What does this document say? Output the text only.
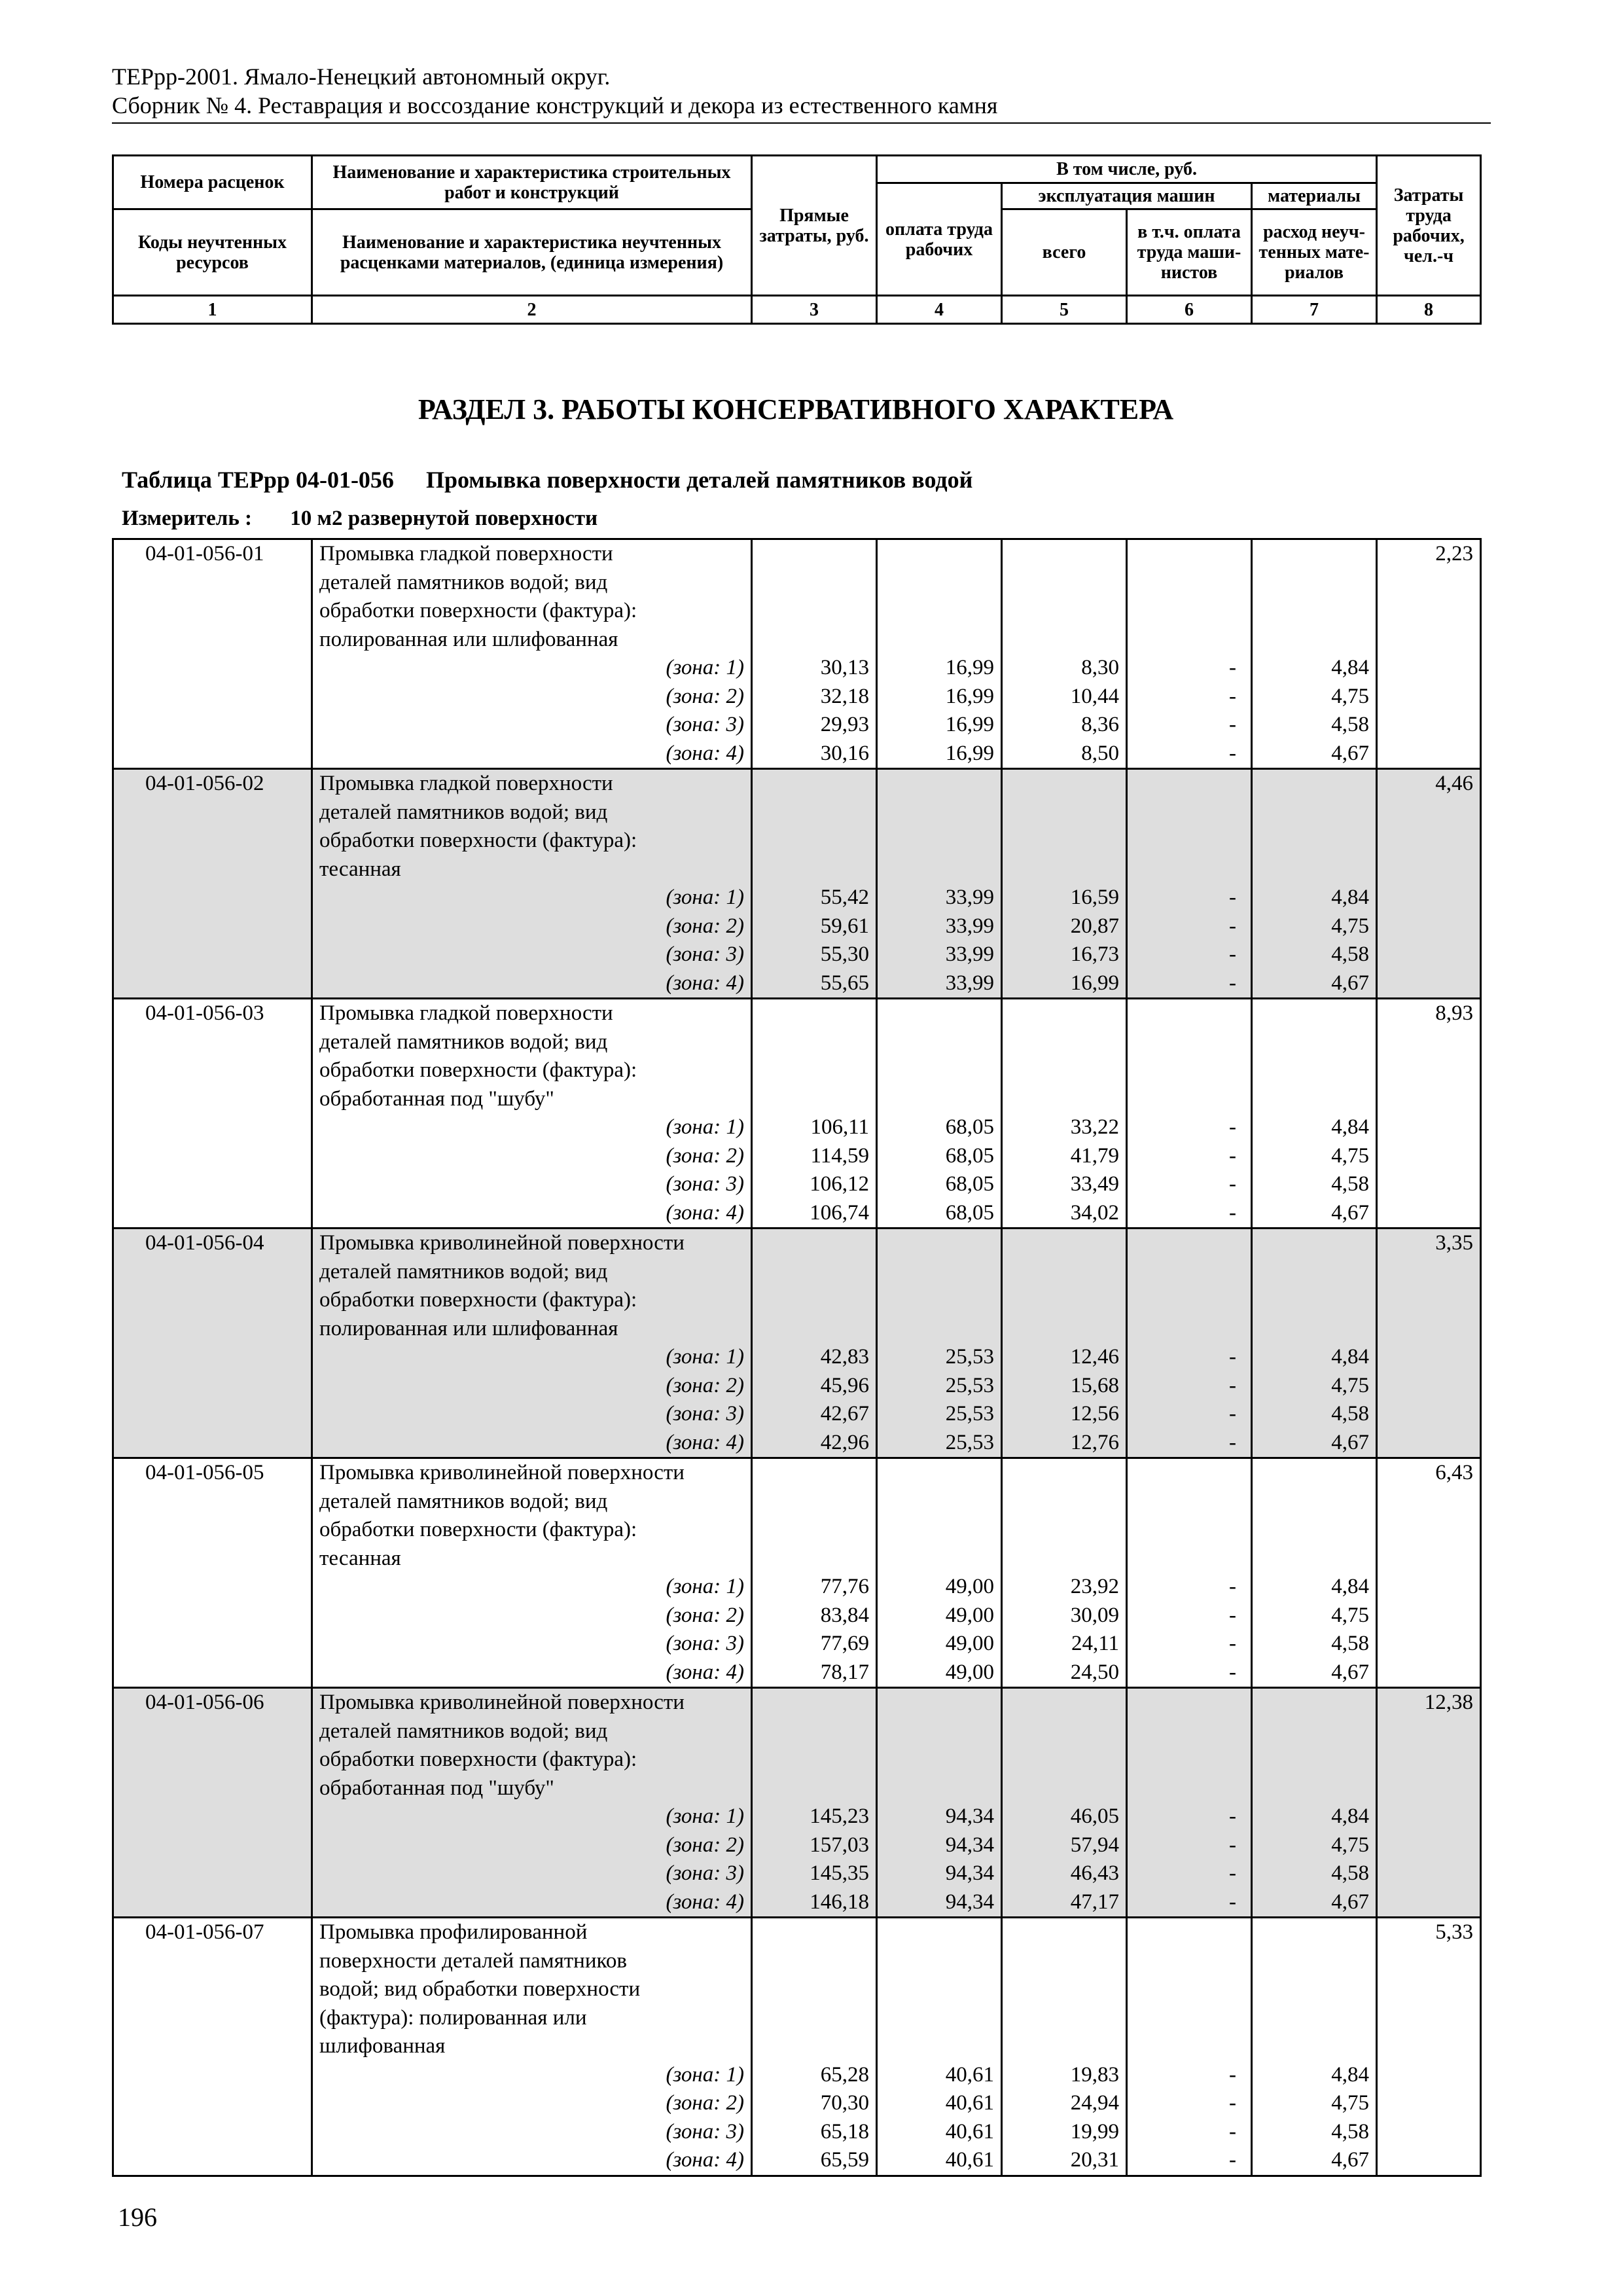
ТЕРрр-2001. Ямало-Ненецкий автономный округ.
Сборник № 4. Реставрация и воссоздание конструкций и декора из естественного камня
Номера расценок	Наименование и характеристика строительных работ и конструкций	Прямые затраты, руб.	В том числе, руб.				Затраты труда рабочих, чел.-ч
			оплата труда рабочих	эксплуатация машин		материалы	
Коды неучтенных ресурсов	Наименование и характеристика неучтенных расценками материалов, (единица измерения)			всего	в т.ч. оплата труда маши-нистов	расход неуч-тенных мате-риалов	

1	2	3	4	5	6	7	8
РАЗДЕЛ 3. РАБОТЫ КОНСЕРВАТИВНОГО ХАРАКТЕРА
Таблица ТЕРрр 04-01-056 Промывка поверхности деталей памятников водой
Измеритель : 10 м2 развернутой поверхности
04-01-056-01	Промывка гладкой поверхности						2,23
	деталей памятников водой; вид						
	обработки поверхности (фактура):						
	полированная или шлифованная						
	(зона: 1)	30,13	16,99	8,30	-	4,84	
	(зона: 2)	32,18	16,99	10,44	-	4,75	
	(зона: 3)	29,93	16,99	8,36	-	4,58	
	(зона: 4)	30,16	16,99	8,50	-	4,67	
04-01-056-02	Промывка гладкой поверхности						4,46
	деталей памятников водой; вид						
	обработки поверхности (фактура):						
	тесанная						
	(зона: 1)	55,42	33,99	16,59	-	4,84	
	(зона: 2)	59,61	33,99	20,87	-	4,75	
	(зона: 3)	55,30	33,99	16,73	-	4,58	
	(зона: 4)	55,65	33,99	16,99	-	4,67	
04-01-056-03	Промывка гладкой поверхности						8,93
	деталей памятников водой; вид						
	обработки поверхности (фактура):						
	обработанная под "шубу"						
	(зона: 1)	106,11	68,05	33,22	-	4,84	
	(зона: 2)	114,59	68,05	41,79	-	4,75	
	(зона: 3)	106,12	68,05	33,49	-	4,58	
	(зона: 4)	106,74	68,05	34,02	-	4,67	
04-01-056-04	Промывка криволинейной поверхности						3,35
	деталей памятников водой; вид						
	обработки поверхности (фактура):						
	полированная или шлифованная						
	(зона: 1)	42,83	25,53	12,46	-	4,84	
	(зона: 2)	45,96	25,53	15,68	-	4,75	
	(зона: 3)	42,67	25,53	12,56	-	4,58	
	(зона: 4)	42,96	25,53	12,76	-	4,67	
04-01-056-05	Промывка криволинейной поверхности						6,43
	деталей памятников водой; вид						
	обработки поверхности (фактура):						
	тесанная						
	(зона: 1)	77,76	49,00	23,92	-	4,84	
	(зона: 2)	83,84	49,00	30,09	-	4,75	
	(зона: 3)	77,69	49,00	24,11	-	4,58	
	(зона: 4)	78,17	49,00	24,50	-	4,67	
04-01-056-06	Промывка криволинейной поверхности						12,38
	деталей памятников водой; вид						
	обработки поверхности (фактура):						
	обработанная под "шубу"						
	(зона: 1)	145,23	94,34	46,05	-	4,84	
	(зона: 2)	157,03	94,34	57,94	-	4,75	
	(зона: 3)	145,35	94,34	46,43	-	4,58	
	(зона: 4)	146,18	94,34	47,17	-	4,67	
04-01-056-07	Промывка профилированной						5,33
	поверхности деталей памятников						
	водой; вид обработки поверхности						
	(фактура): полированная или						
	шлифованная						
	(зона: 1)	65,28	40,61	19,83	-	4,84	
	(зона: 2)	70,30	40,61	24,94	-	4,75	
	(зона: 3)	65,18	40,61	19,99	-	4,58	
	(зона: 4)	65,59	40,61	20,31	-	4,67	
196
